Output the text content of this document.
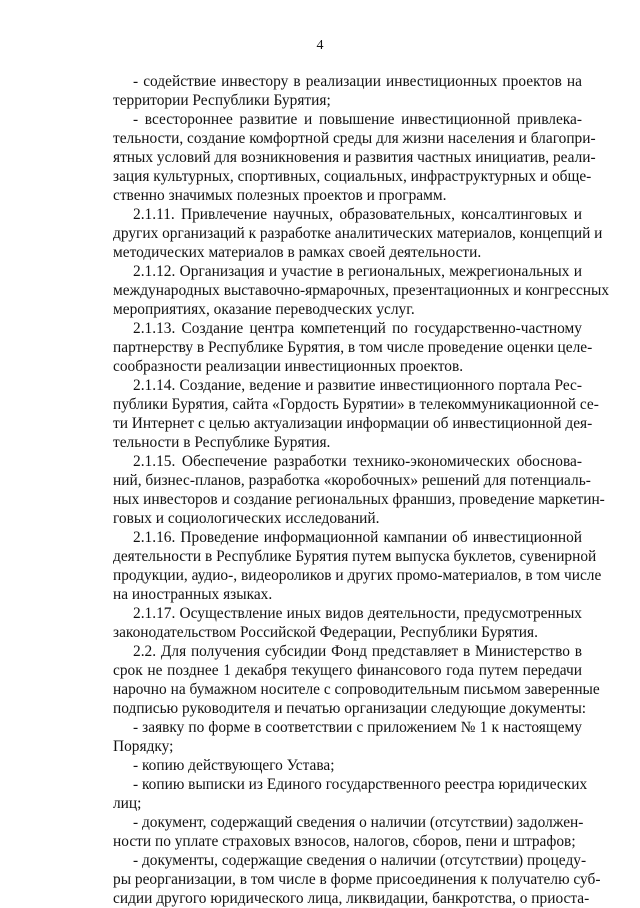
4
- содействие инвестору в реализации инвестиционных проектов на
территории Республики Бурятия;
- всестороннее развитие и повышение инвестиционной привлека-
тельности, создание комфортной среды для жизни населения и благопри-
ятных условий для возникновения и развития частных инициатив, реали-
зация культурных, спортивных, социальных, инфраструктурных и обще-
ственно значимых полезных проектов и программ.
2.1.11. Привлечение научных, образовательных, консалтинговых и
других организаций к разработке аналитических материалов, концепций и
методических материалов в рамках своей деятельности.
2.1.12. Организация и участие в региональных, межрегиональных и
международных выставочно-ярмарочных, презентационных и конгрессных
мероприятиях, оказание переводческих услуг.
2.1.13. Создание центра компетенций по государственно-частному
партнерству в Республике Бурятия, в том числе проведение оценки целе-
сообразности реализации инвестиционных проектов.
2.1.14. Создание, ведение и развитие инвестиционного портала Рес-
публики Бурятия, сайта «Гордость Бурятии» в телекоммуникационной се-
ти Интернет с целью актуализации информации об инвестиционной дея-
тельности в Республике Бурятия.
2.1.15. Обеспечение разработки технико-экономических обоснова-
ний, бизнес-планов, разработка «коробочных» решений для потенциаль-
ных инвесторов и создание региональных франшиз, проведение маркетин-
говых и социологических исследований.
2.1.16. Проведение информационной кампании об инвестиционной
деятельности в Республике Бурятия путем выпуска буклетов, сувенирной
продукции, аудио-, видеороликов и других промо-материалов, в том числе
на иностранных языках.
2.1.17. Осуществление иных видов деятельности, предусмотренных
законодательством Российской Федерации, Республики Бурятия.
2.2. Для получения субсидии Фонд представляет в Министерство в
срок не позднее 1 декабря текущего финансового года путем передачи
нарочно на бумажном носителе с сопроводительным письмом заверенные
подписью руководителя и печатью организации следующие документы:
- заявку по форме в соответствии с приложением № 1 к настоящему
Порядку;
- копию действующего Устава;
- копию выписки из Единого государственного реестра юридических
лиц;
- документ, содержащий сведения о наличии (отсутствии) задолжен-
ности по уплате страховых взносов, налогов, сборов, пени и штрафов;
- документы, содержащие сведения о наличии (отсутствии) процеду-
ры реорганизации, в том числе в форме присоединения к получателю суб-
сидии другого юридического лица, ликвидации, банкротства, о приоста-
